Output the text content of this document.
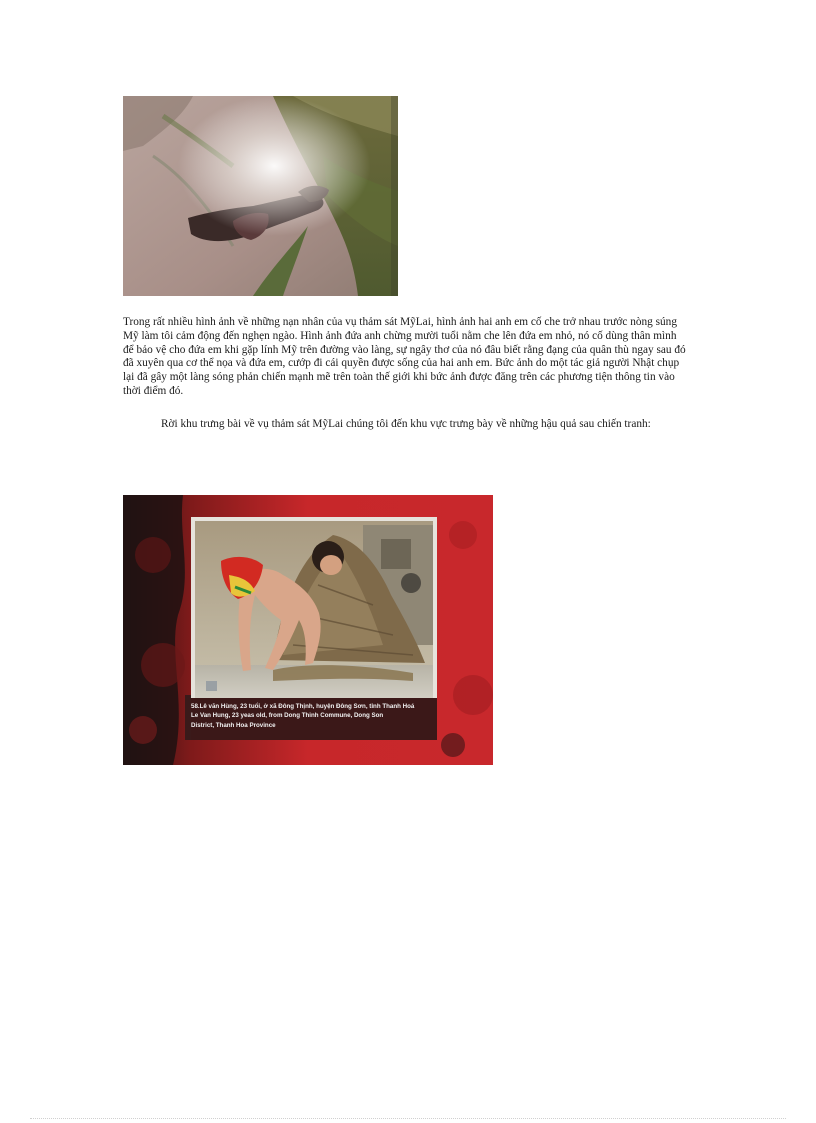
Trong rất nhiều hình ảnh về những nạn nhân của vụ thảm sát MỹLai, hình ảnh hai anh em cố che trở nhau trước nòng súng Mỹ làm tôi cảm động đến nghẹn ngào. Hình ảnh đứa anh chừng mười tuổi nằm che lên đứa em nhỏ, nó cố dùng thân mình để bảo vệ cho đứa em khi gặp lính Mỹ trên đường vào làng, sự ngây thơ của nó đâu biết rằng đạng của quân thù ngay sau đó đã xuyên qua cơ thể nọa và đứa em, cướp đi cái quyền được sống của hai anh em. Bức ảnh do một tác giả người Nhật chụp lại đã gây một làng sóng phản chiến mạnh mẽ trên toàn thế giới khi bức ảnh được đăng trên các phương tiện thông tin vào thời điểm đó.

Rời khu trưng bài về vụ thảm sát MỹLai chúng tôi đến khu vực trưng bày về những hậu quả sau chiến tranh:

58.Lê văn Hùng, 23 tuổi, ở xã Đông Thịnh, huyện Đông Sơn, tỉnh Thanh Hoá
Le Van Hung, 23 yeas old, from Dong Thinh Commune, Dong Son
District, Thanh Hoa Province
